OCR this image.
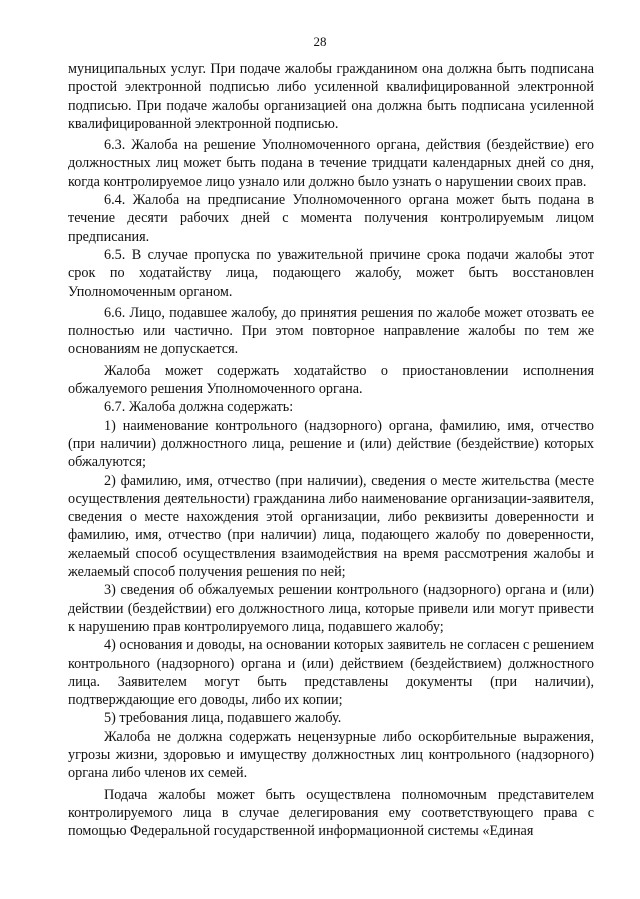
28

муниципальных услуг. При подаче жалобы гражданином она должна быть подписана простой электронной подписью либо усиленной квалифицированной электронной подписью. При подаче жалобы организацией она должна быть подписана усиленной квалифицированной электронной подписью.

6.3. Жалоба на решение Уполномоченного органа, действия (бездействие) его должностных лиц может быть подана в течение тридцати календарных дней со дня, когда контролируемое лицо узнало или должно было узнать о нарушении своих прав.

6.4. Жалоба на предписание Уполномоченного органа может быть подана в течение десяти рабочих дней с момента получения контролируемым лицом предписания.

6.5. В случае пропуска по уважительной причине срока подачи жалобы этот срок по ходатайству лица, подающего жалобу, может быть восстановлен Уполномоченным органом.

6.6. Лицо, подавшее жалобу, до принятия решения по жалобе может отозвать ее полностью или частично. При этом повторное направление жалобы по тем же основаниям не допускается.

Жалоба может содержать ходатайство о приостановлении исполнения обжалуемого решения Уполномоченного органа.

6.7. Жалоба должна содержать:

1) наименование контрольного (надзорного) органа, фамилию, имя, отчество (при наличии) должностного лица, решение и (или) действие (бездействие) которых обжалуются;

2) фамилию, имя, отчество (при наличии), сведения о месте жительства (месте осуществления деятельности) гражданина либо наименование организации-заявителя, сведения о месте нахождения этой организации, либо реквизиты доверенности и фамилию, имя, отчество (при наличии) лица, подающего жалобу по доверенности, желаемый способ осуществления взаимодействия на время рассмотрения жалобы и желаемый способ получения решения по ней;

3) сведения об обжалуемых решении контрольного (надзорного) органа и (или) действии (бездействии) его должностного лица, которые привели или могут привести к нарушению прав контролируемого лица, подавшего жалобу;

4) основания и доводы, на основании которых заявитель не согласен с решением контрольного (надзорного) органа и (или) действием (бездействием) должностного лица. Заявителем могут быть представлены документы (при наличии), подтверждающие его доводы, либо их копии;

5) требования лица, подавшего жалобу.

Жалоба не должна содержать нецензурные либо оскорбительные выражения, угрозы жизни, здоровью и имуществу должностных лиц контрольного (надзорного) органа либо членов их семей.

Подача жалобы может быть осуществлена полномочным представителем контролируемого лица в случае делегирования ему соответствующего права с помощью Федеральной государственной информационной системы «Единая
